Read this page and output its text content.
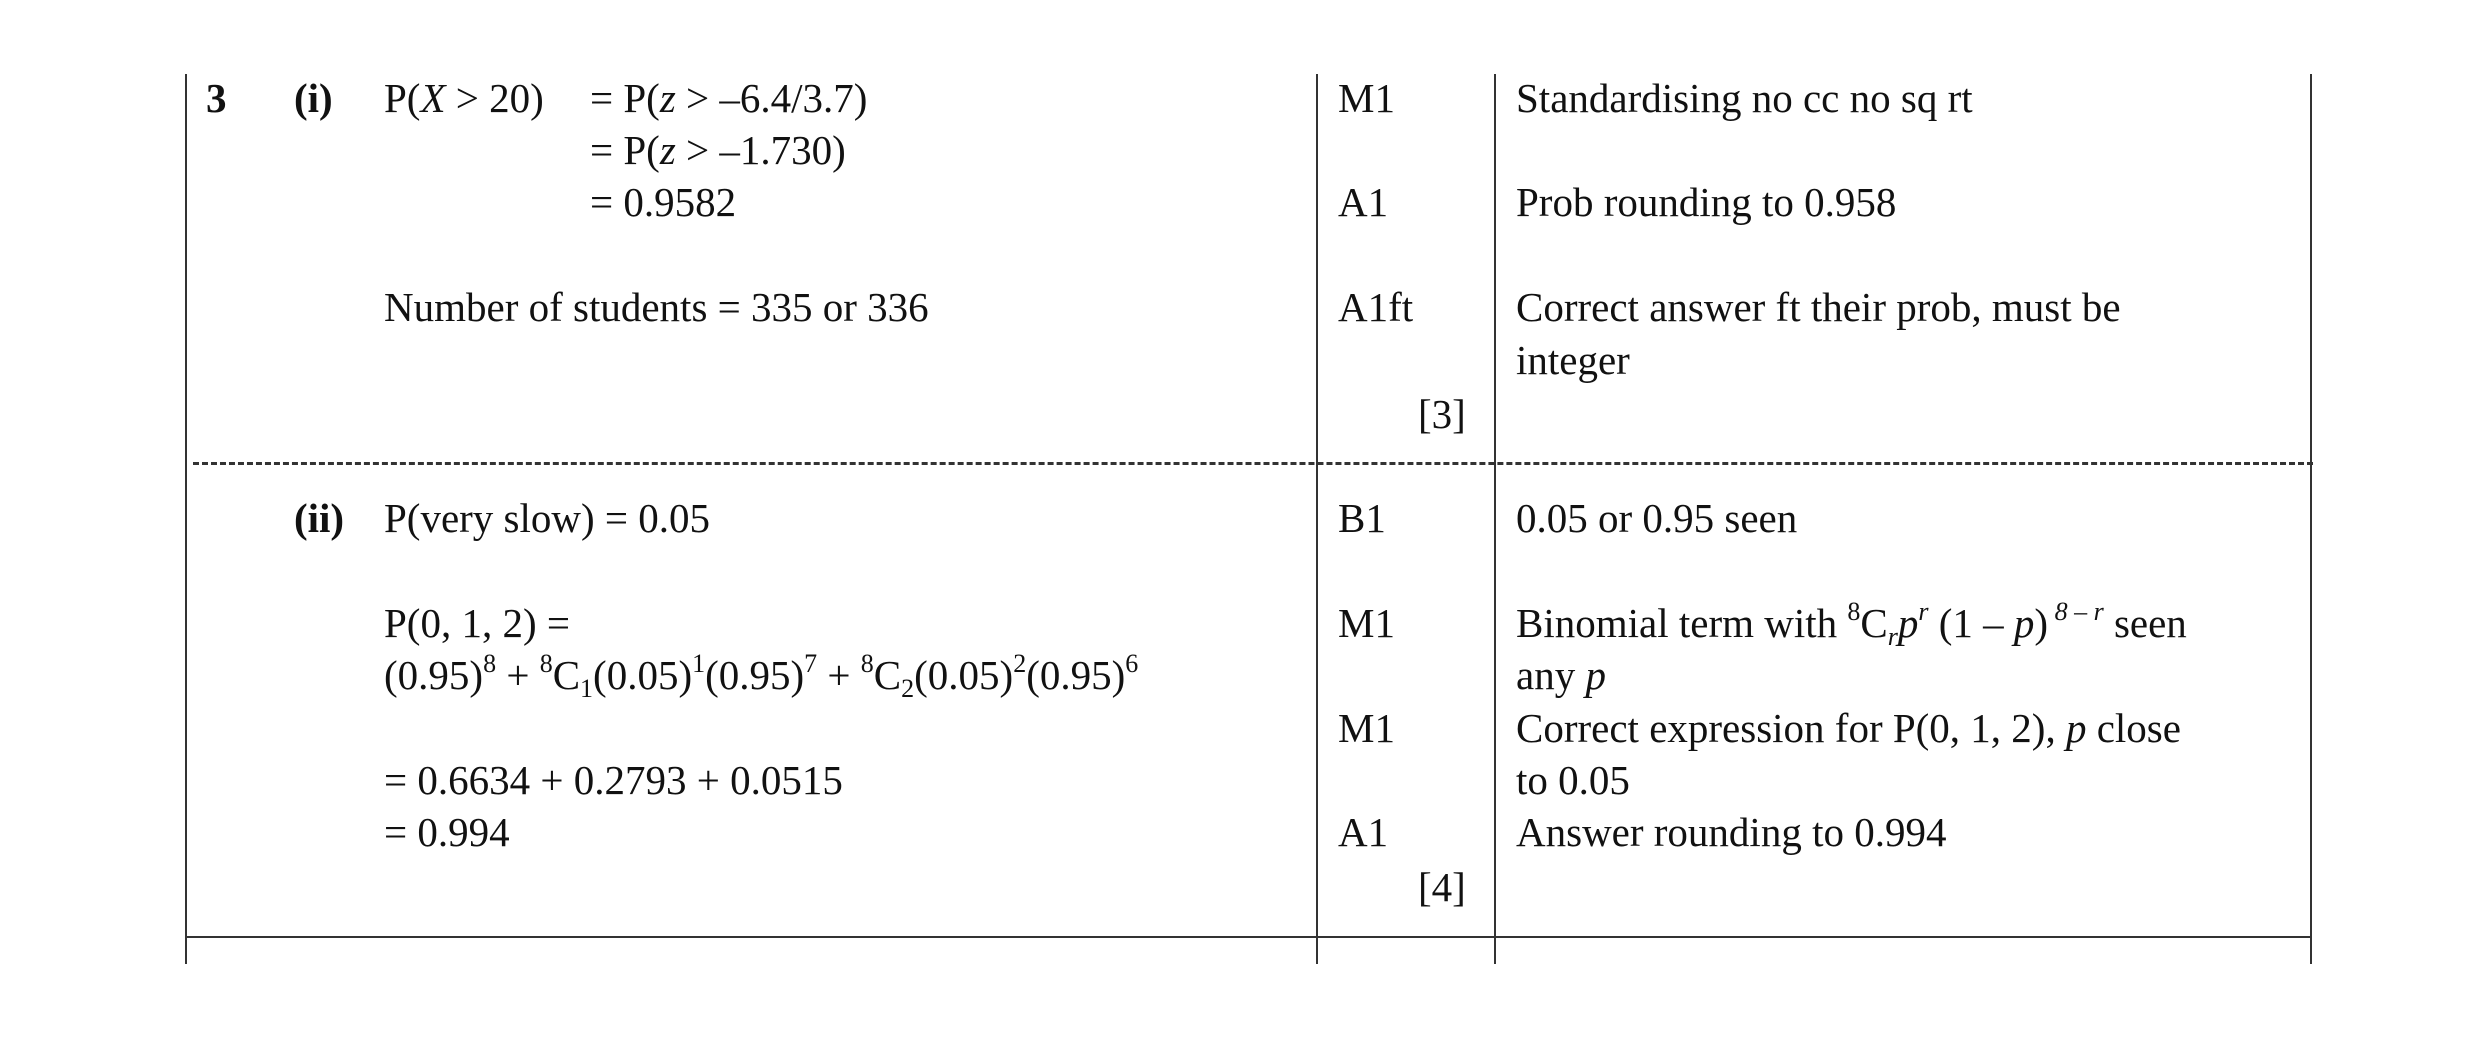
3 (i) P(X > 20) = P(z > –6.4/3.7)
= P(z > –1.730)
= 0.9582
Number of students = 335 or 336
M1
A1
A1ft
[3]
Standardising no cc no sq rt
Prob rounding to 0.958
Correct answer ft their prob, must be
integer
(ii) P(very slow) = 0.05
P(0, 1, 2) =
$(0.95)^8 + ^8C_1(0.05)^1(0.95)^7 + ^8C_2(0.05)^2(0.95)^6$
= 0.6634 + 0.2793 + 0.0515
= 0.994
B1
M1
M1
A1
[4]
0.05 or 0.95 seen
Binomial term with $^8C_rp^r$ (1 – p) $^{8 - r}$ seen
any p
Correct expression for P(0, 1, 2), p close
to 0.05
Answer rounding to 0.994
